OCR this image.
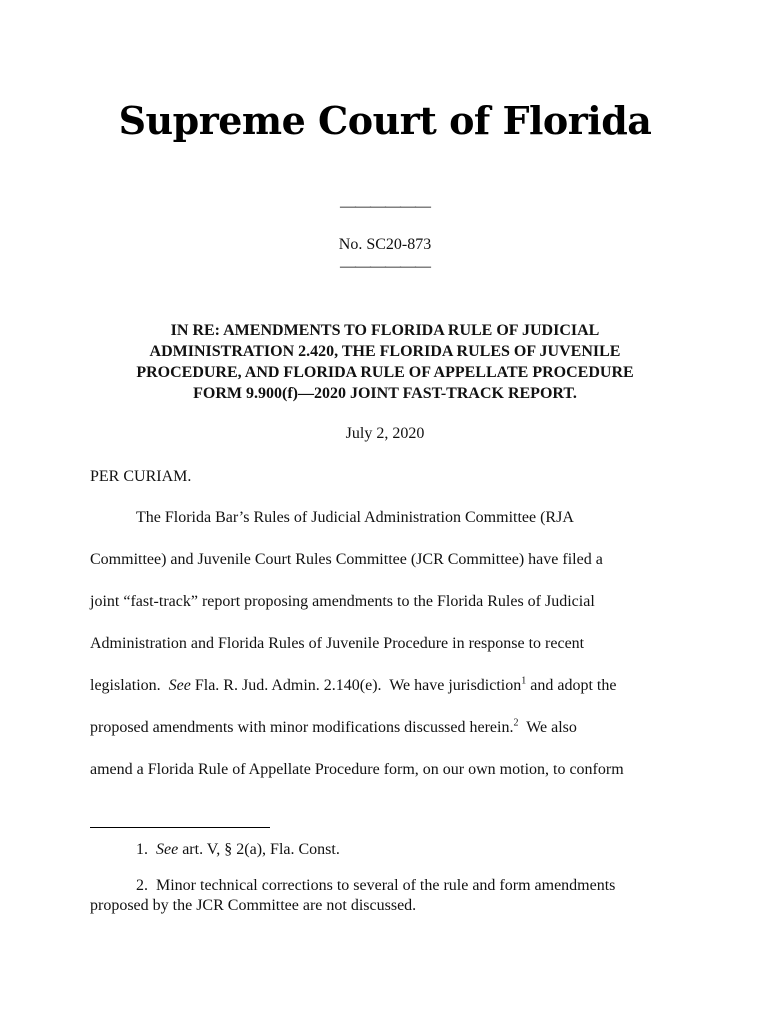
Supreme Court of Florida
——————
No. SC20-873
——————
IN RE: AMENDMENTS TO FLORIDA RULE OF JUDICIAL
ADMINISTRATION 2.420, THE FLORIDA RULES OF JUVENILE
PROCEDURE, AND FLORIDA RULE OF APPELLATE PROCEDURE
FORM 9.900(f)—2020 JOINT FAST-TRACK REPORT.
July 2, 2020
PER CURIAM.
The Florida Bar’s Rules of Judicial Administration Committee (RJA
Committee) and Juvenile Court Rules Committee (JCR Committee) have filed a
joint “fast-track” report proposing amendments to the Florida Rules of Judicial
Administration and Florida Rules of Juvenile Procedure in response to recent
legislation.  See Fla. R. Jud. Admin. 2.140(e).  We have jurisdiction$^1$ and adopt the
proposed amendments with minor modifications discussed herein.$^2$  We also
amend a Florida Rule of Appellate Procedure form, on our own motion, to conform
1. See art. V, § 2(a), Fla. Const.
2. Minor technical corrections to several of the rule and form amendments
proposed by the JCR Committee are not discussed.
